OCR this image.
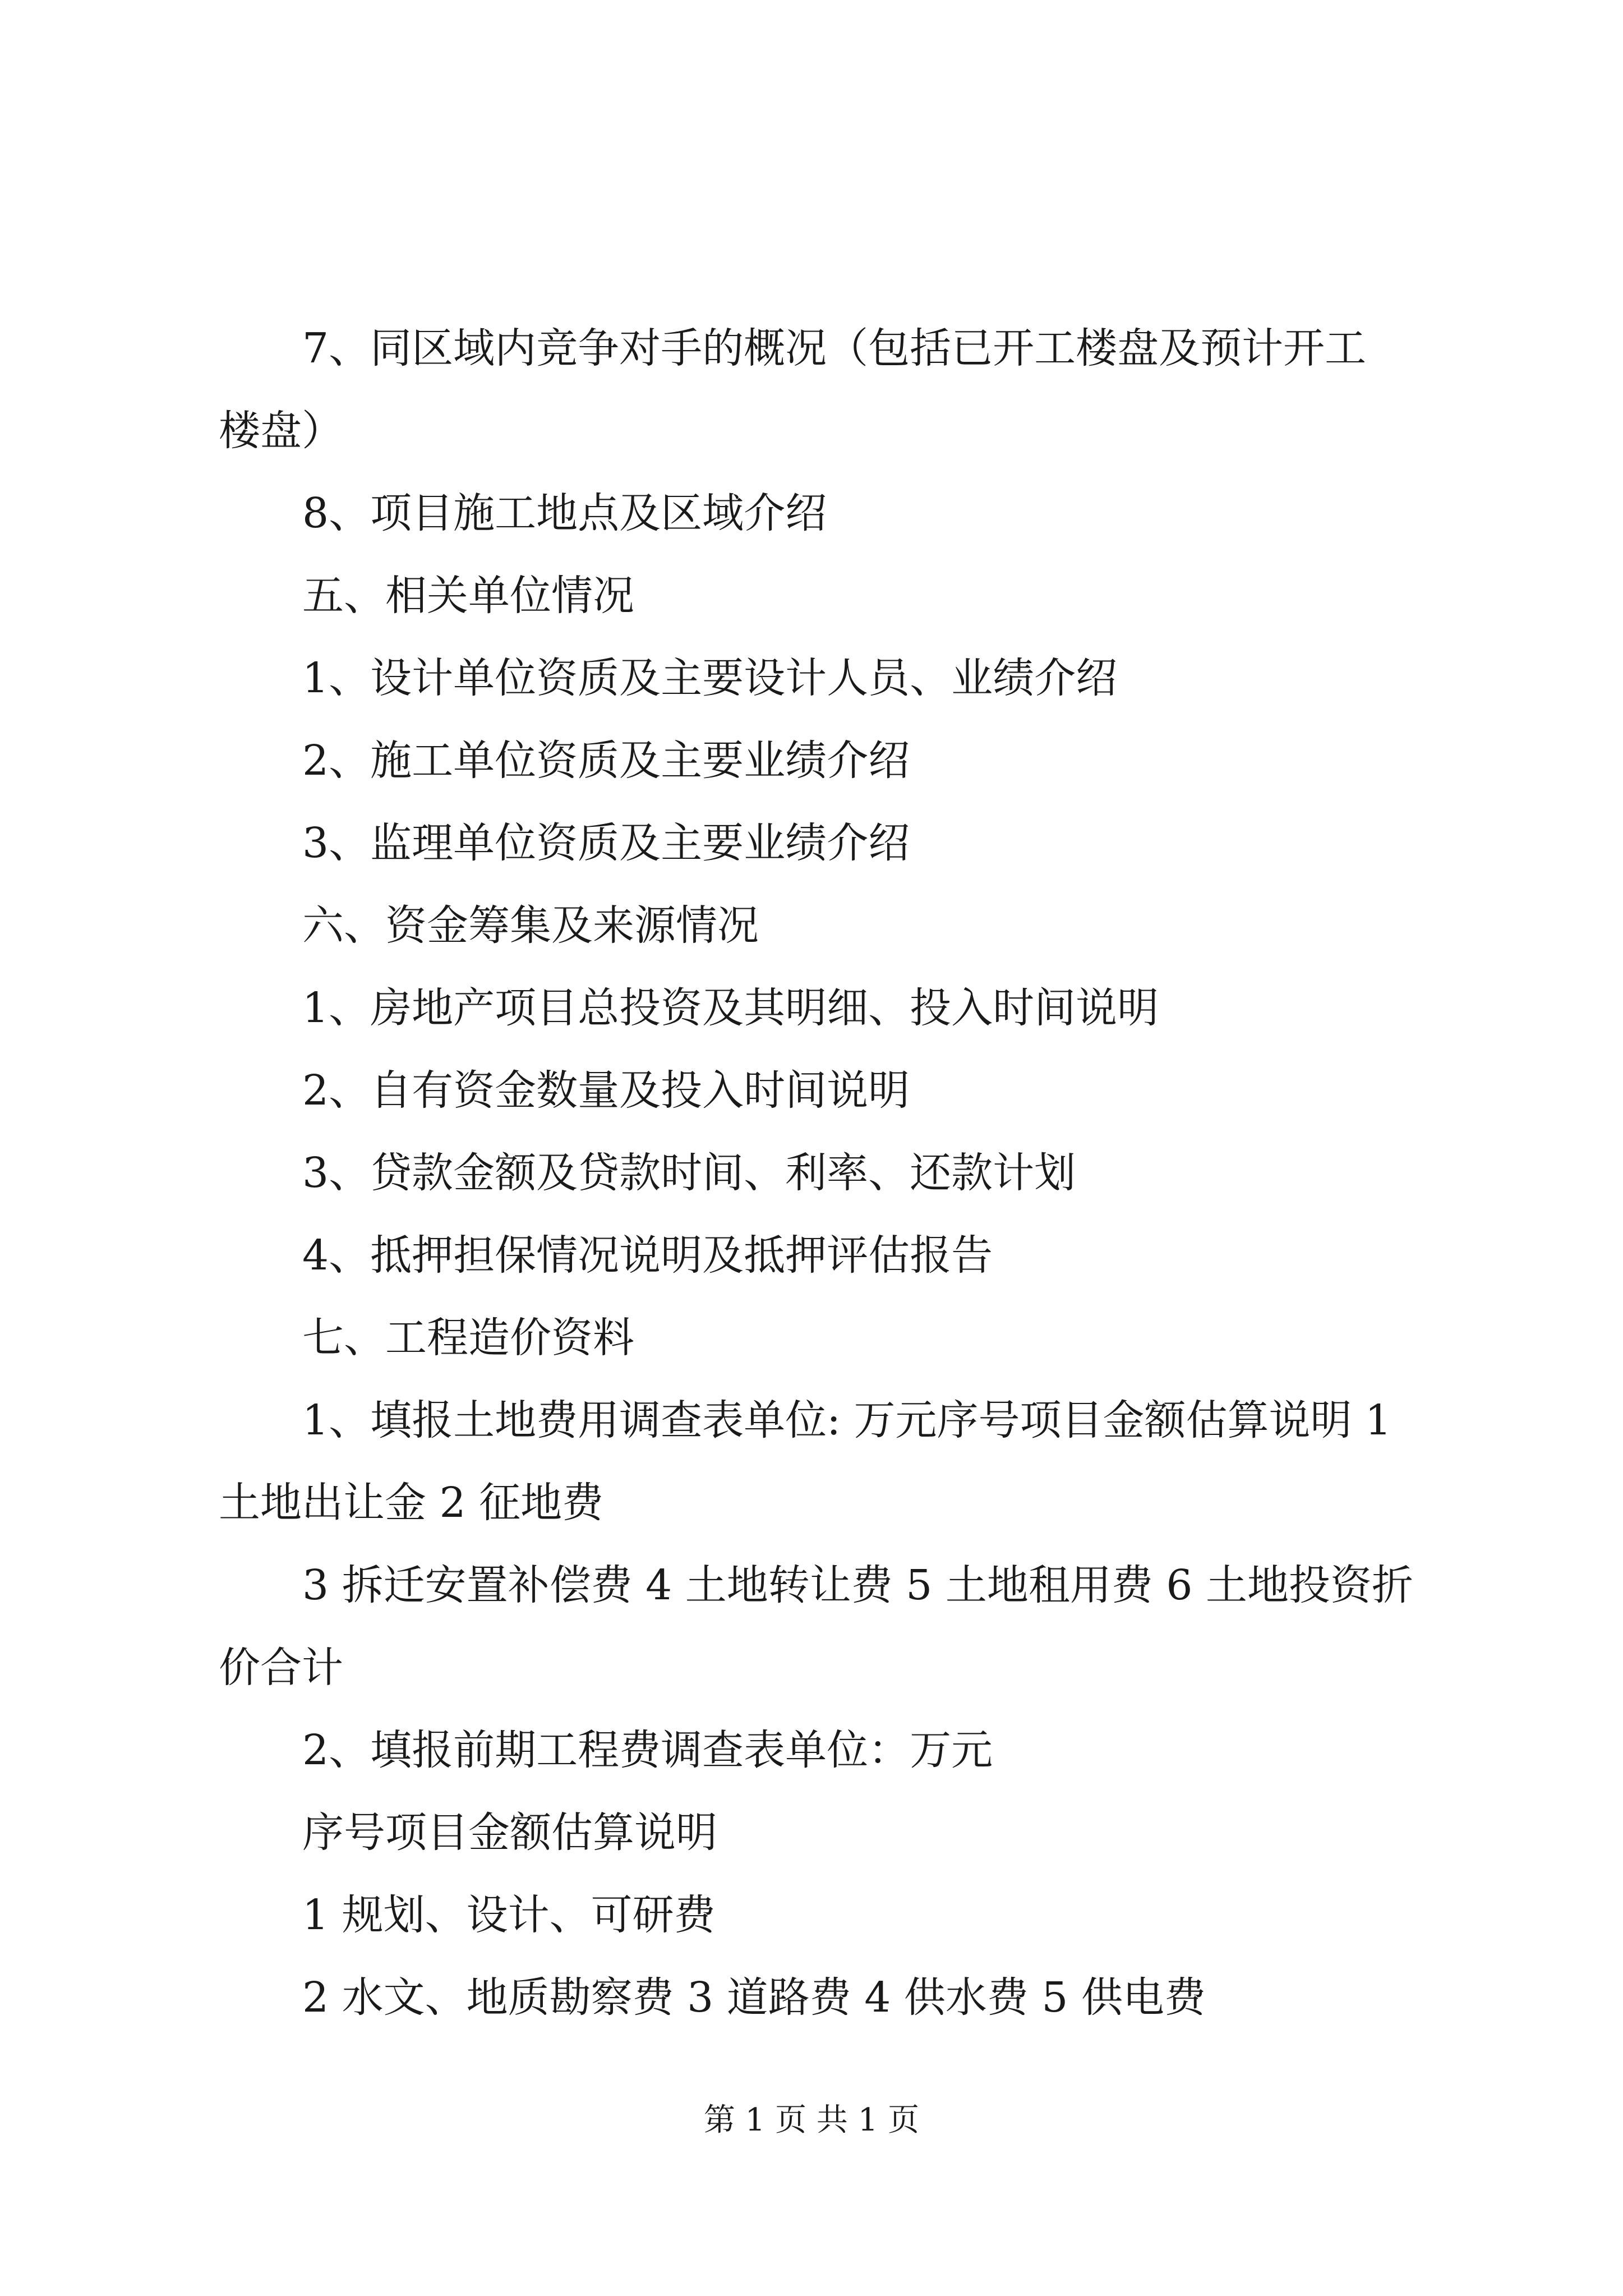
7、同区域内竞争对手的概况（包括已开工楼盘及预计开工
楼盘）

8、项目施工地点及区域介绍

五、相关单位情况

1、设计单位资质及主要设计人员、业绩介绍

2、施工单位资质及主要业绩介绍

3、监理单位资质及主要业绩介绍

六、资金筹集及来源情况

1、房地产项目总投资及其明细、投入时间说明

2、自有资金数量及投入时间说明

3、贷款金额及贷款时间、利率、还款计划

4、抵押担保情况说明及抵押评估报告

七、工程造价资料

1、填报土地费用调查表单位: 万元序号项目金额估算说明 1
土地出让金 2 征地费

3 拆迁安置补偿费 4 土地转让费 5 土地租用费 6 土地投资折
价合计

2、填报前期工程费调查表单位：万元

序号项目金额估算说明

1 规划、设计、可研费

2 水文、地质勘察费 3 道路费 4 供水费 5 供电费

第 1 页 共 1 页
